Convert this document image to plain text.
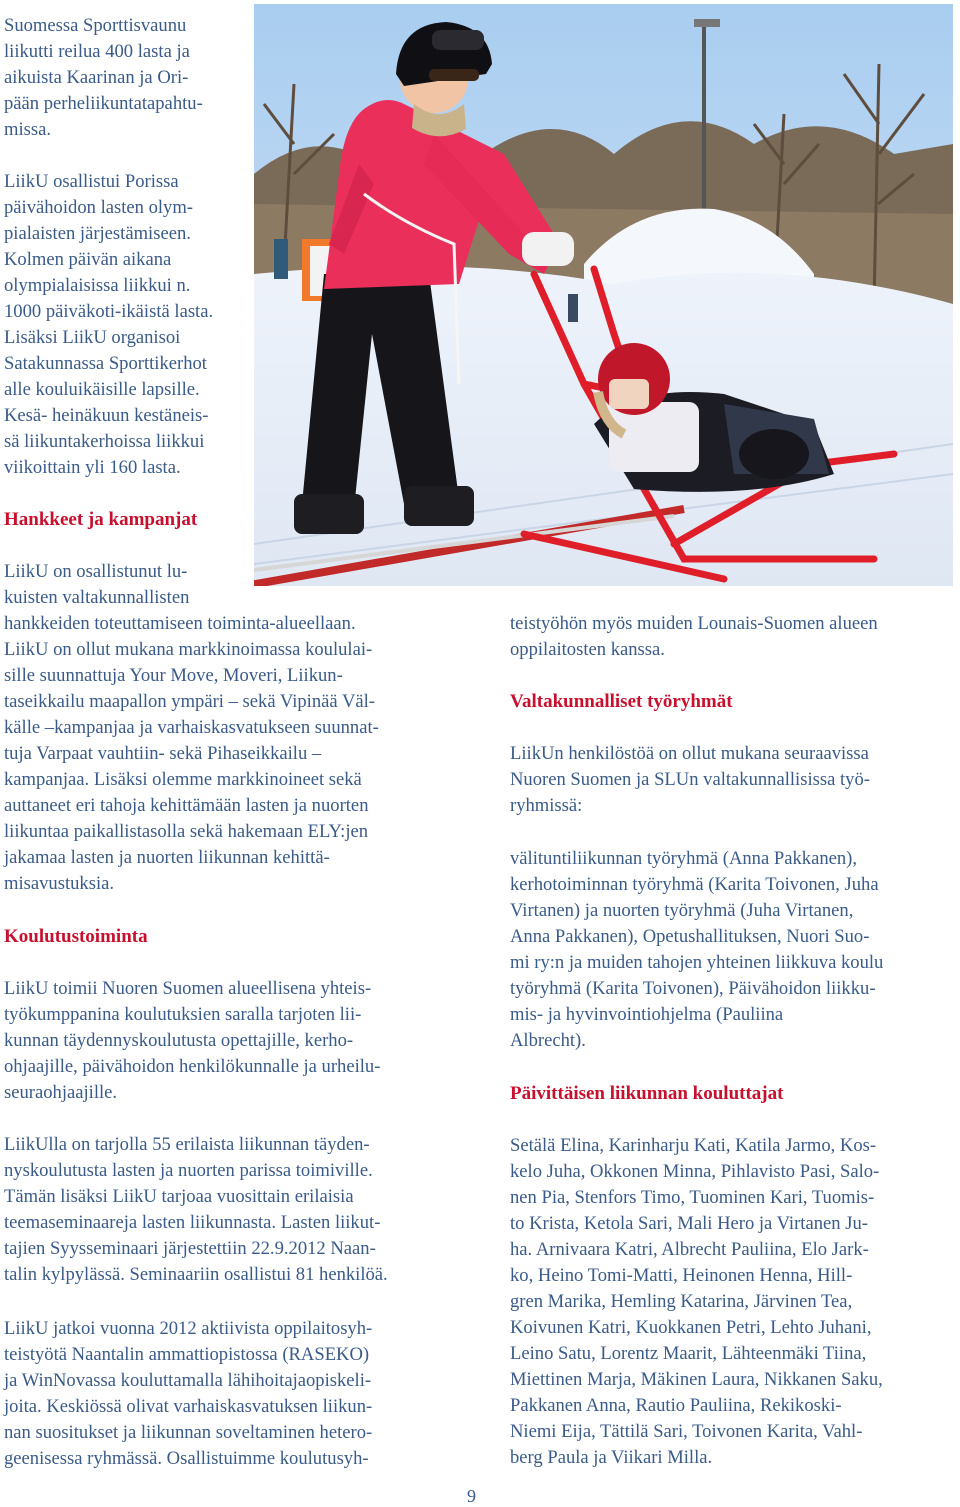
Suomessa Sporttisvaunu
liikutti reilua 400 lasta ja
aikuista Kaarinan ja Ori-
pään perheliikuntatapahtu-
missa.
LiikU osallistui Porissa
päivähoidon lasten olym-
pialaisten järjestämiseen.
Kolmen päivän aikana
olympialaisissa liikkui n.
1000 päiväkoti-ikäistä lasta.
Lisäksi LiikU organisoi
Satakunnassa Sporttikerhot
alle kouluikäisille lapsille.
Kesä- heinäkuun kestäneis-
sä liikuntakerhoissa liikkui
viikoittain yli 160 lasta.
Hankkeet ja kampanjat
LiikU on osallistunut lu-
kuisten valtakunnallisten
hankkeiden toteuttamiseen toiminta-alueellaan.
LiikU on ollut mukana markkinoimassa koululai-
sille suunnattuja Your Move, Moveri, Liikun-
taseikkailu maapallon ympäri – sekä Vipinää Väl-
källe –kampanjaa ja varhaiskasvatukseen suunnat-
tuja Varpaat vauhtiin- sekä Pihaseikkailu –
kampanjaa. Lisäksi olemme markkinoineet sekä
auttaneet eri tahoja kehittämään lasten ja nuorten
liikuntaa paikallistasolla sekä hakemaan ELY:jen
jakamaa lasten ja nuorten liikunnan kehittä-
misavustuksia.
Koulutustoiminta
LiikU toimii Nuoren Suomen alueellisena yhteis-
työkumppanina koulutuksien saralla tarjoten lii-
kunnan täydennyskoulutusta opettajille, kerho-
ohjaajille, päivähoidon henkilökunnalle ja urheilu-
seuraohjaajille.
LiikUlla on tarjolla 55 erilaista liikunnan täyden-
nyskoulutusta lasten ja nuorten parissa toimiville.
Tämän lisäksi LiikU tarjoaa vuosittain erilaisia
teemaseminaareja lasten liikunnasta. Lasten liikut-
tajien Syysseminaari järjestettiin 22.9.2012 Naan-
talin kylpylässä. Seminaariin osallistui 81 henkilöä.
LiikU jatkoi vuonna 2012 aktiivista oppilaitosyh-
teistyötä Naantalin ammattiopistossa (RASEKO)
ja WinNovassa kouluttamalla lähihoitajaopiskeli-
joita. Keskiössä olivat varhaiskasvatuksen liikun-
nan suositukset ja liikunnan soveltaminen hetero-
geenisessa ryhmässä. Osallistuimme koulutusyh-
teistyöhön myös muiden Lounais-Suomen alueen
oppilaitosten kanssa.
Valtakunnalliset työryhmät
LiikUn henkilöstöä on ollut mukana seuraavissa
Nuoren Suomen ja SLUn valtakunnallisissa työ-
ryhmissä:
välituntiliikunnan työryhmä (Anna Pakkanen),
kerhotoiminnan työryhmä (Karita Toivonen, Juha
Virtanen) ja nuorten työryhmä (Juha Virtanen,
Anna Pakkanen), Opetushallituksen, Nuori Suo-
mi ry:n ja muiden tahojen yhteinen liikkuva koulu
työryhmä (Karita Toivonen), Päivähoidon liikku-
mis- ja hyvinvointiohjelma (Pauliina
Albrecht).
Päivittäisen liikunnan kouluttajat
Setälä Elina, Karinharju Kati, Katila Jarmo, Kos-
kelo Juha, Okkonen Minna, Pihlavisto Pasi, Salo-
nen Pia, Stenfors Timo, Tuominen Kari, Tuomis-
to Krista, Ketola Sari, Mali Hero ja Virtanen Ju-
ha. Arnivaara Katri, Albrecht Pauliina, Elo Jark-
ko, Heino Tomi-Matti, Heinonen Henna, Hill-
gren Marika, Hemling Katarina, Järvinen Tea,
Koivunen Katri, Kuokkanen Petri, Lehto Juhani,
Leino Satu, Lorentz Maarit, Lähteenmäki Tiina,
Miettinen Marja, Mäkinen Laura, Nikkanen Saku,
Pakkanen Anna, Rautio Pauliina, Rekikoski-
Niemi Eija, Tättilä Sari, Toivonen Karita, Vahl-
berg Paula ja Viikari Milla.
9
